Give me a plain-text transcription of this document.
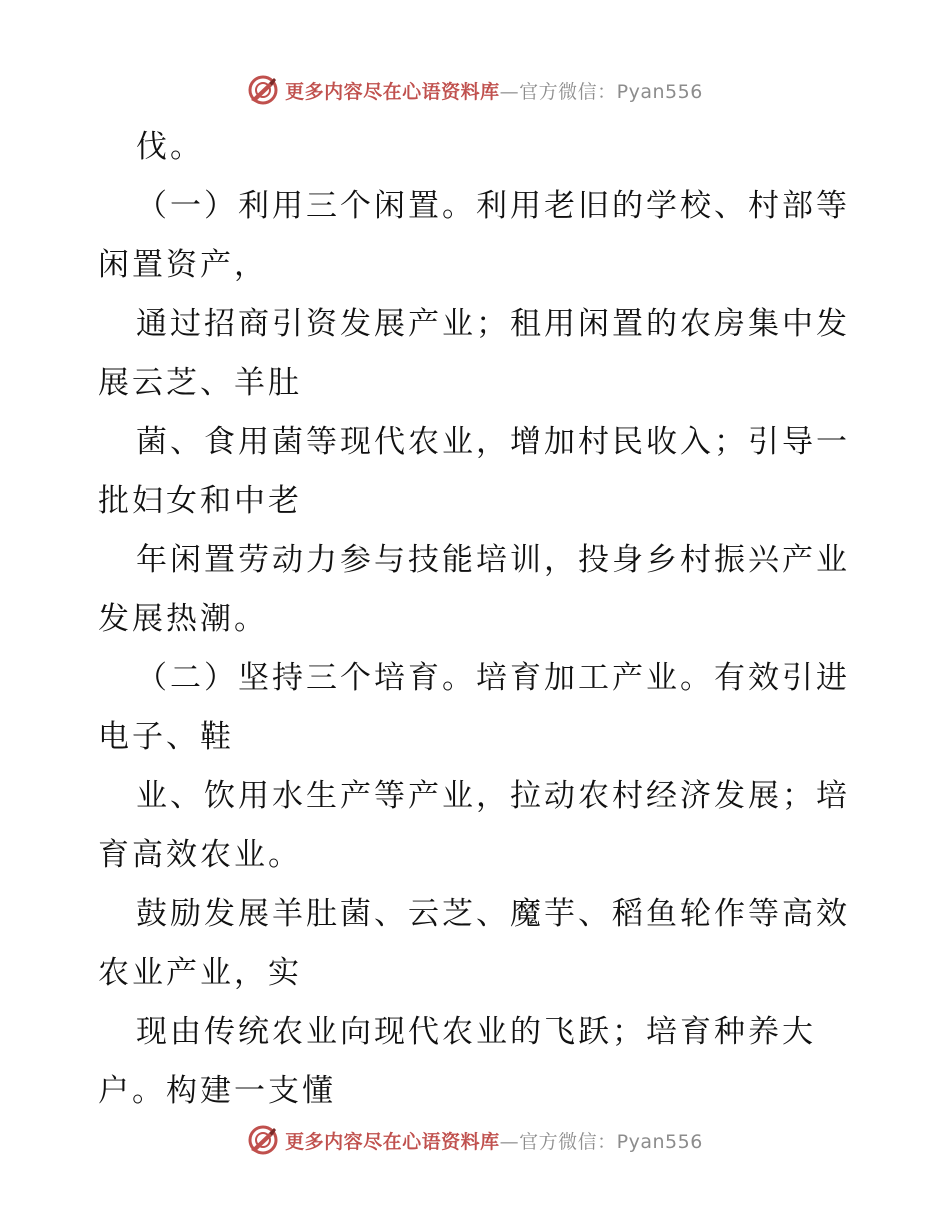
更多内容尽在心语资料库—官方微信：Pyan556
伐。
（一）利用三个闲置。利用老旧的学校、村部等
闲置资产，
通过招商引资发展产业；租用闲置的农房集中发
展云芝、羊肚
菌、食用菌等现代农业，增加村民收入；引导一
批妇女和中老
年闲置劳动力参与技能培训，投身乡村振兴产业
发展热潮。
（二）坚持三个培育。培育加工产业。有效引进
电子、鞋
业、饮用水生产等产业，拉动农村经济发展；培
育高效农业。
鼓励发展羊肚菌、云芝、魔芋、稻鱼轮作等高效
农业产业，实
现由传统农业向现代农业的飞跃；培育种养大
户。构建一支懂
更多内容尽在心语资料库—官方微信：Pyan556
